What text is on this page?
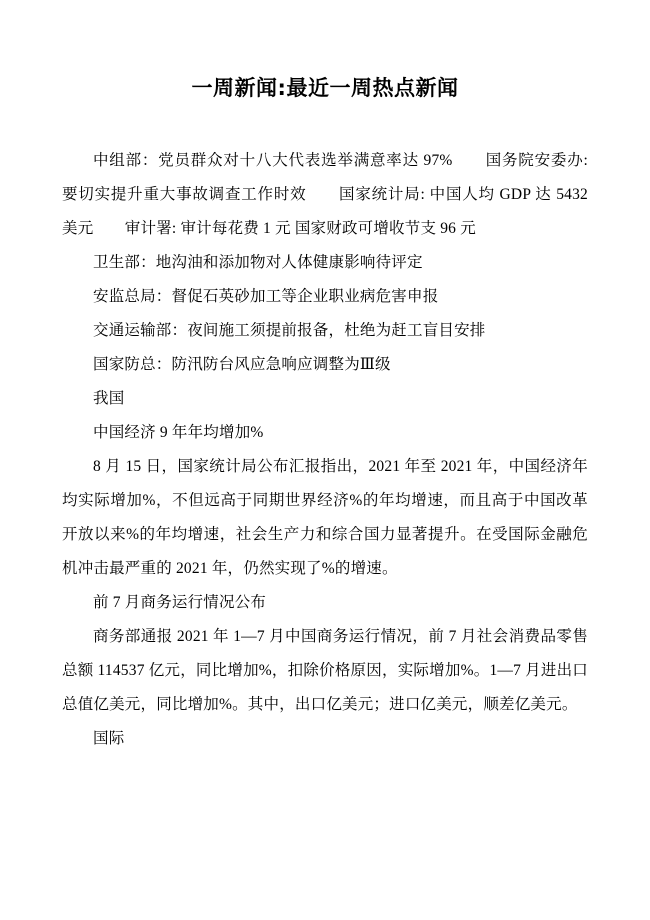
一周新闻:最近一周热点新闻

中组部：党员群众对十八大代表选举满意率达 97%　　国务院安委办: 要切实提升重大事故调查工作时效　　国家统计局: 中国人均 GDP 达 5432 美元　　审计署: 审计每花费 1 元 国家财政可增收节支 96 元

卫生部：地沟油和添加物对人体健康影响待评定

安监总局：督促石英砂加工等企业职业病危害申报

交通运输部：夜间施工须提前报备，杜绝为赶工盲目安排

国家防总：防汛防台风应急响应调整为Ⅲ级

我国

中国经济 9 年年均增加%

8 月 15 日，国家统计局公布汇报指出，2021 年至 2021 年，中国经济年均实际增加%，不但远高于同期世界经济%的年均增速，而且高于中国改革开放以来%的年均增速，社会生产力和综合国力显著提升。在受国际金融危机冲击最严重的 2021 年，仍然实现了%的增速。

前 7 月商务运行情况公布

商务部通报 2021 年 1—7 月中国商务运行情况，前 7 月社会消费品零售总额 114537 亿元，同比增加%，扣除价格原因，实际增加%。1—7 月进出口总值亿美元，同比增加%。其中，出口亿美元；进口亿美元，顺差亿美元。

国际
